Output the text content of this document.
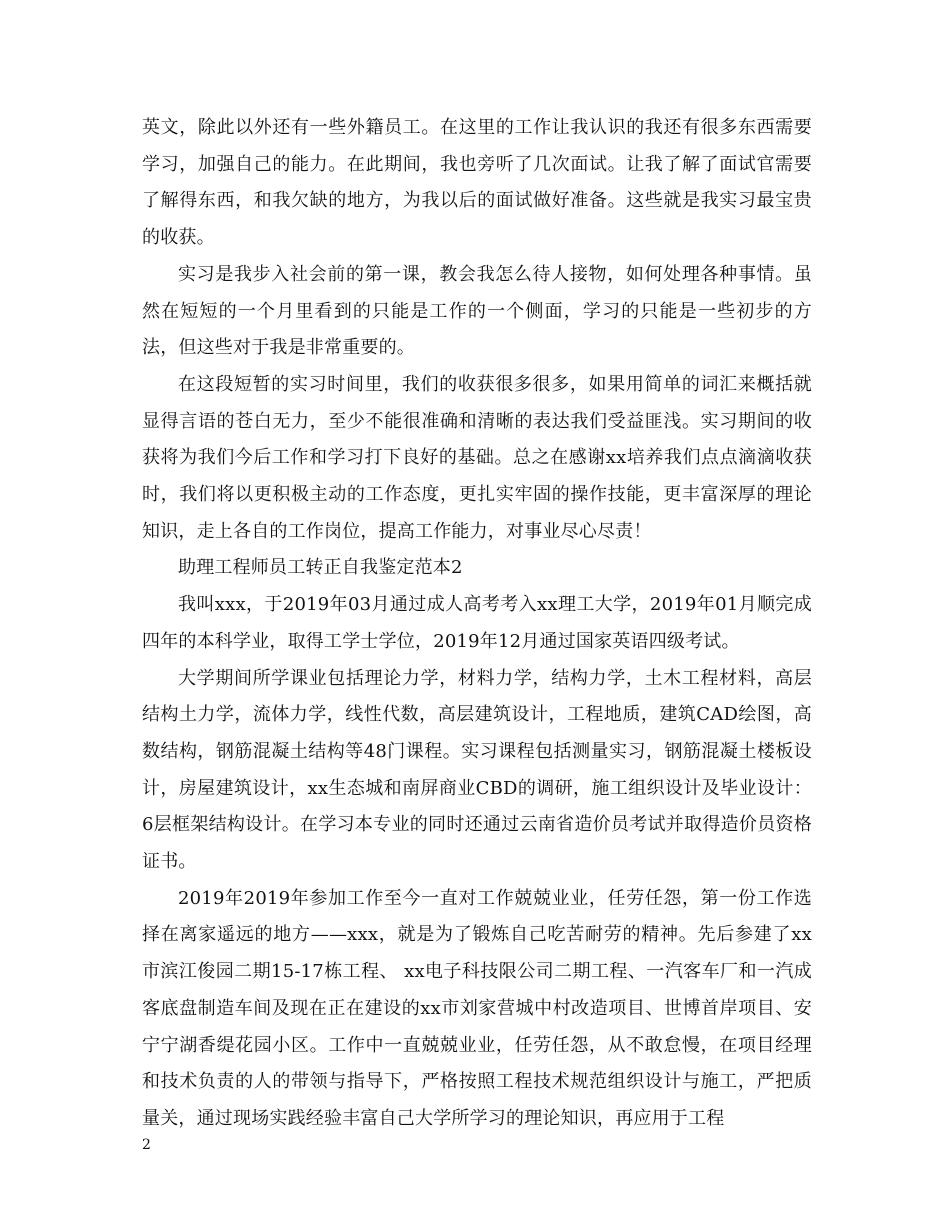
英文，除此以外还有一些外籍员工。在这里的工作让我认识的我还有很多东西需要学习，加强自己的能力。在此期间，我也旁听了几次面试。让我了解了面试官需要了解得东西，和我欠缺的地方，为我以后的面试做好准备。这些就是我实习最宝贵的收获。

实习是我步入社会前的第一课，教会我怎么待人接物，如何处理各种事情。虽然在短短的一个月里看到的只能是工作的一个侧面，学习的只能是一些初步的方法，但这些对于我是非常重要的。

在这段短暂的实习时间里，我们的收获很多很多，如果用简单的词汇来概括就显得言语的苍白无力，至少不能很准确和清晰的表达我们受益匪浅。实习期间的收获将为我们今后工作和学习打下良好的基础。总之在感谢xx培养我们点点滴滴收获时，我们将以更积极主动的工作态度，更扎实牢固的操作技能，更丰富深厚的理论知识，走上各自的工作岗位，提高工作能力，对事业尽心尽责！

助理工程师员工转正自我鉴定范本2

我叫xxx，于2019年03月通过成人高考考入xx理工大学，2019年01月顺完成四年的本科学业，取得工学士学位，2019年12月通过国家英语四级考试。

大学期间所学课业包括理论力学，材料力学，结构力学，土木工程材料，高层结构土力学，流体力学，线性代数，高层建筑设计，工程地质，建筑CAD绘图，高数结构，钢筋混凝土结构等48门课程。实习课程包括测量实习，钢筋混凝土楼板设计，房屋建筑设计，xx生态城和南屏商业CBD的调研，施工组织设计及毕业设计：6层框架结构设计。在学习本专业的同时还通过云南省造价员考试并取得造价员资格证书。

2019年2019年参加工作至今一直对工作兢兢业业，任劳任怨，第一份工作选择在离家遥远的地方——xxx，就是为了锻炼自己吃苦耐劳的精神。先后参建了xx市滨江俊园二期15-17栋工程、 xx电子科技限公司二期工程、一汽客车厂和一汽成客底盘制造车间及现在正在建设的xx市刘家营城中村改造项目、世博首岸项目、安宁宁湖香缇花园小区。工作中一直兢兢业业，任劳任怨，从不敢怠慢，在项目经理和技术负责的人的带领与指导下，严格按照工程技术规范组织设计与施工，严把质量关，通过现场实践经验丰富自己大学所学习的理论知识，再应用于工程

2
